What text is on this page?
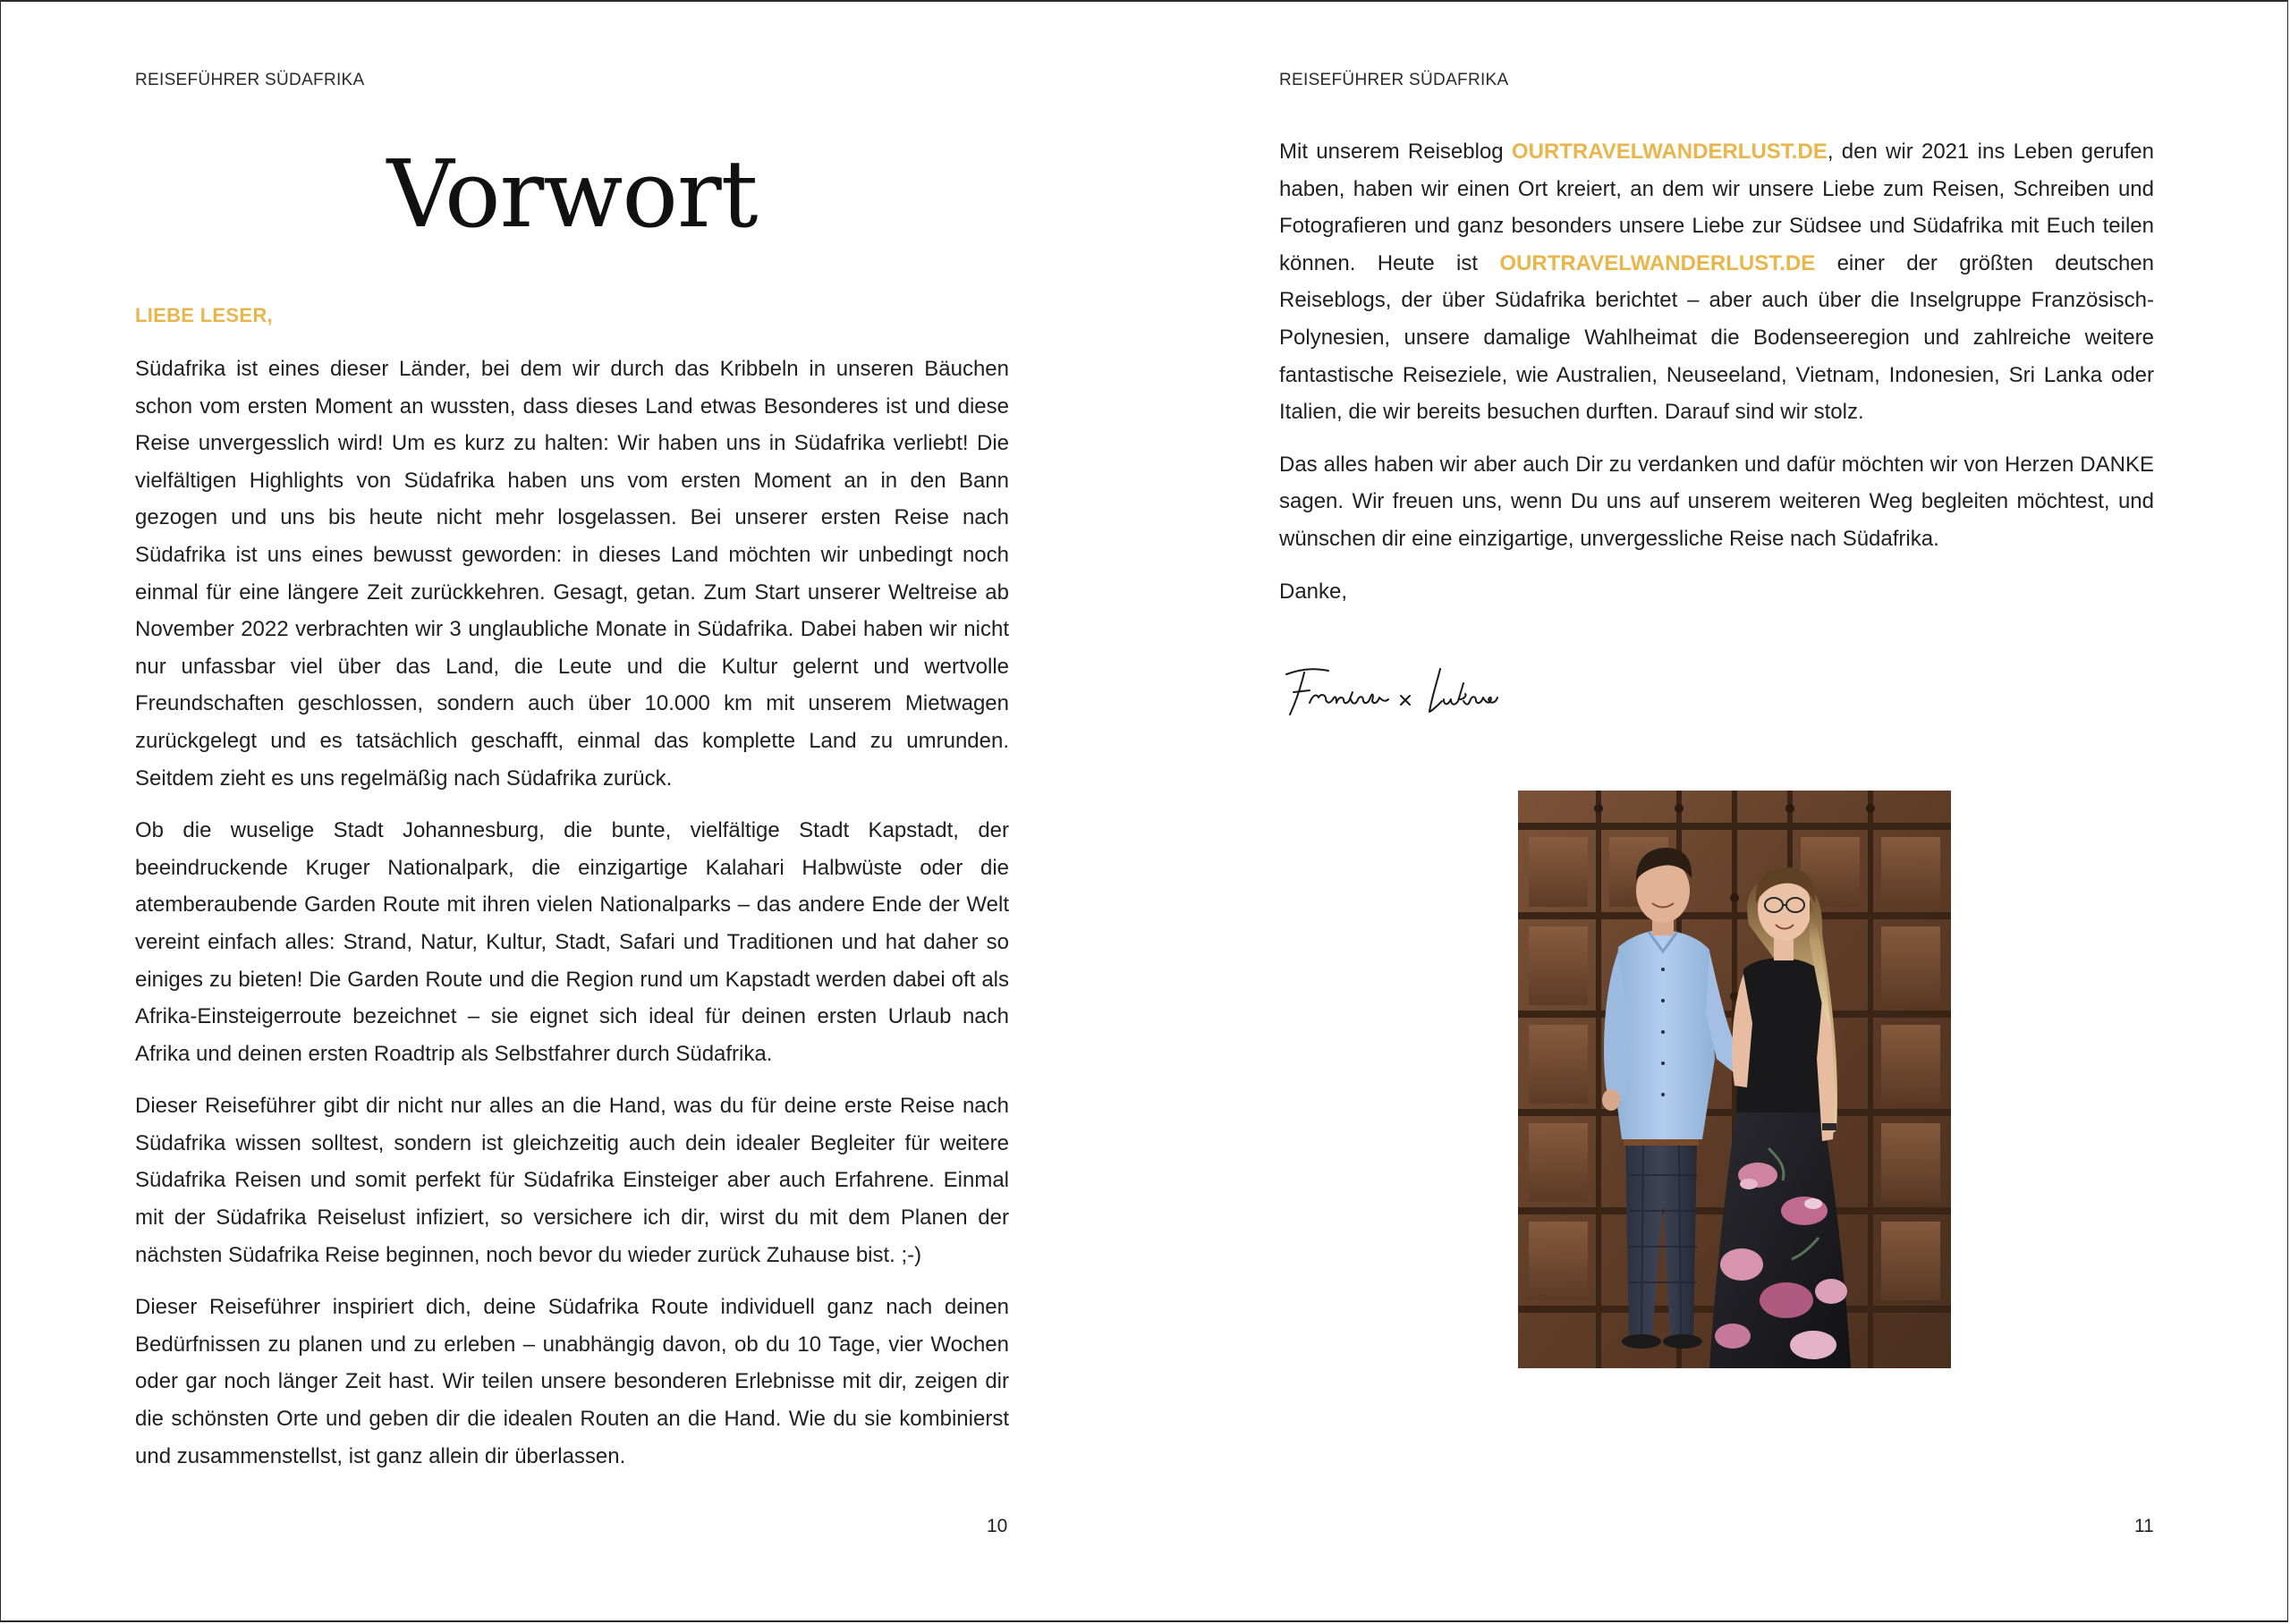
REISEFÜHRER SÜDAFRIKA
Vorwort
LIEBE LESER,

Südafrika ist eines dieser Länder, bei dem wir durch das Kribbeln in unseren Bäuchen schon vom ersten Moment an wussten, dass dieses Land etwas Besonderes ist und diese Reise unvergesslich wird! Um es kurz zu halten: Wir haben uns in Südafrika verliebt! Die vielfältigen Highlights von Südafrika haben uns vom ersten Moment an in den Bann gezogen und uns bis heute nicht mehr losgelassen. Bei unserer ersten Reise nach Südafrika ist uns eines bewusst geworden: in dieses Land möchten wir unbedingt noch einmal für eine längere Zeit zurückkehren. Gesagt, getan. Zum Start unserer Weltreise ab November 2022 verbrachten wir 3 unglaubliche Monate in Südafrika. Dabei haben wir nicht nur unfassbar viel über das Land, die Leute und die Kultur gelernt und wertvolle Freundschaften geschlossen, sondern auch über 10.000 km mit unserem Mietwagen zurückgelegt und es tatsächlich geschafft, einmal das komplette Land zu umrunden. Seitdem zieht es uns regelmäßig nach Südafrika zurück.

Ob die wuselige Stadt Johannesburg, die bunte, vielfältige Stadt Kapstadt, der beeindruckende Kruger Nationalpark, die einzigartige Kalahari Halbwüste oder die atemberaubende Garden Route mit ihren vielen Nationalparks – das andere Ende der Welt vereint einfach alles: Strand, Natur, Kultur, Stadt, Safari und Traditionen und hat daher so einiges zu bieten! Die Garden Route und die Region rund um Kapstadt werden dabei oft als Afrika-Einsteigerroute bezeichnet – sie eignet sich ideal für deinen ersten Urlaub nach Afrika und deinen ersten Roadtrip als Selbstfahrer durch Südafrika.

Dieser Reiseführer gibt dir nicht nur alles an die Hand, was du für deine erste Reise nach Südafrika wissen solltest, sondern ist gleichzeitig auch dein idealer Begleiter für weitere Südafrika Reisen und somit perfekt für Südafrika Einsteiger aber auch Erfahrene. Einmal mit der Südafrika Reiselust infiziert, so versichere ich dir, wirst du mit dem Planen der nächsten Südafrika Reise beginnen, noch bevor du wieder zurück Zuhause bist. ;-)

Dieser Reiseführer inspiriert dich, deine Südafrika Route individuell ganz nach deinen Bedürfnissen zu planen und zu erleben – unabhängig davon, ob du 10 Tage, vier Wochen oder gar noch länger Zeit hast. Wir teilen unsere besonderen Erlebnisse mit dir, zeigen dir die schönsten Orte und geben dir die idealen Routen an die Hand. Wie du sie kombinierst und zusammenstellst, ist ganz allein dir überlassen.

10
REISEFÜHRER SÜDAFRIKA

Mit unserem Reiseblog OURTRAVELWANDERLUST.DE, den wir 2021 ins Leben gerufen haben, haben wir einen Ort kreiert, an dem wir unsere Liebe zum Reisen, Schreiben und Fotografieren und ganz besonders unsere Liebe zur Südsee und Südafrika mit Euch teilen können. Heute ist OURTRAVELWANDERLUST.DE einer der größten deutschen Reiseblogs, der über Südafrika berichtet – aber auch über die Inselgruppe Französisch-Polynesien, unsere damalige Wahlheimat die Bodenseeregion und zahlreiche weitere fantastische Reiseziele, wie Australien, Neuseeland, Vietnam, Indonesien, Sri Lanka oder Italien, die wir bereits besuchen durften. Darauf sind wir stolz.

Das alles haben wir aber auch Dir zu verdanken und dafür möchten wir von Herzen DANKE sagen. Wir freuen uns, wenn Du uns auf unserem weiteren Weg begleiten möchtest, und wünschen dir eine einzigartige, unvergessliche Reise nach Südafrika.

Danke,

11
